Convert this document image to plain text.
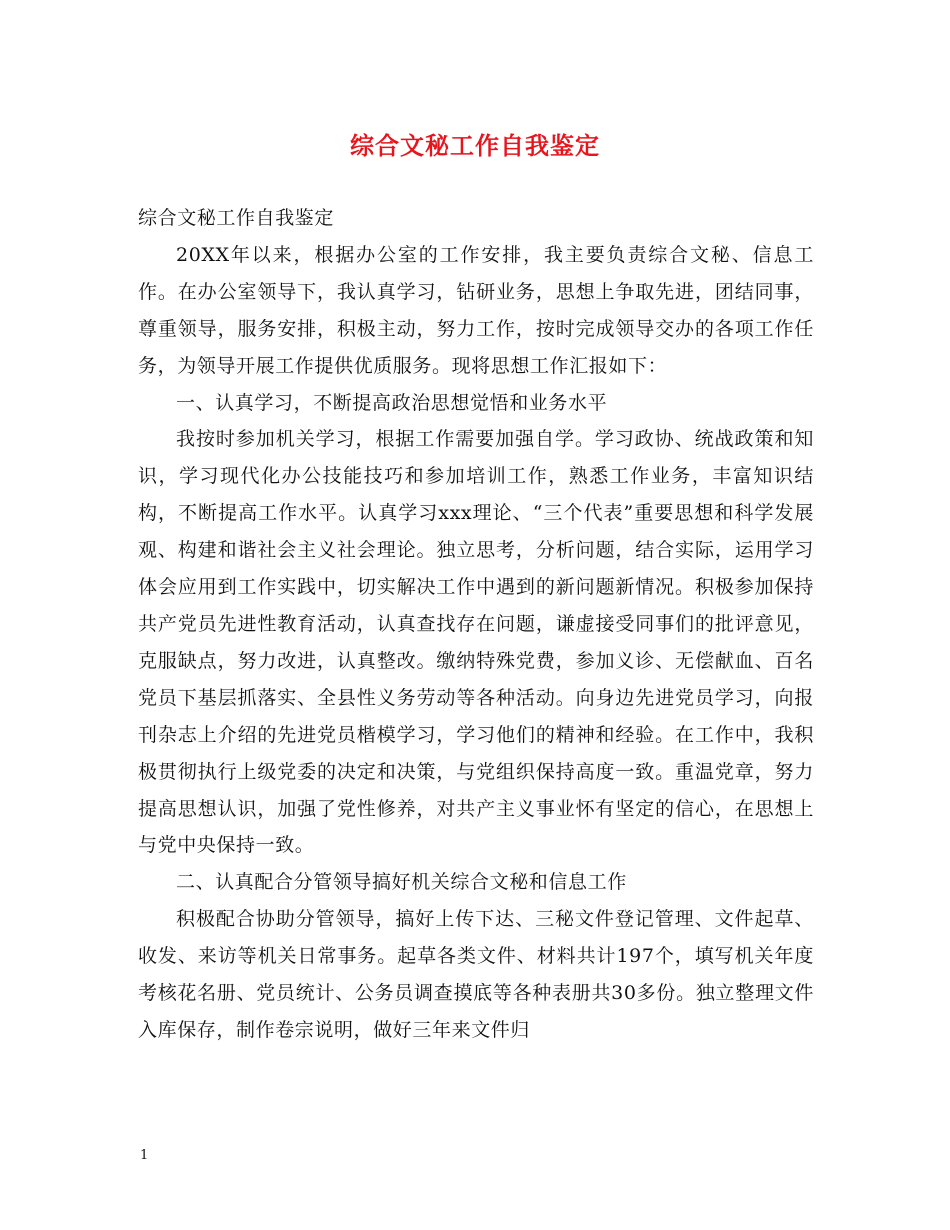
综合文秘工作自我鉴定

综合文秘工作自我鉴定

20XX年以来，根据办公室的工作安排，我主要负责综合文秘、信息工作。在办公室领导下，我认真学习，钻研业务，思想上争取先进，团结同事，尊重领导，服务安排，积极主动，努力工作，按时完成领导交办的各项工作任务，为领导开展工作提供优质服务。现将思想工作汇报如下：

一、认真学习，不断提高政治思想觉悟和业务水平

我按时参加机关学习，根据工作需要加强自学。学习政协、统战政策和知识，学习现代化办公技能技巧和参加培训工作，熟悉工作业务，丰富知识结构，不断提高工作水平。认真学习xxx理论、“三个代表”重要思想和科学发展观、构建和谐社会主义社会理论。独立思考，分析问题，结合实际，运用学习体会应用到工作实践中，切实解决工作中遇到的新问题新情况。积极参加保持共产党员先进性教育活动，认真查找存在问题，谦虚接受同事们的批评意见，克服缺点，努力改进，认真整改。缴纳特殊党费，参加义诊、无偿献血、百名党员下基层抓落实、全县性义务劳动等各种活动。向身边先进党员学习，向报刊杂志上介绍的先进党员楷模学习，学习他们的精神和经验。在工作中，我积极贯彻执行上级党委的决定和决策，与党组织保持高度一致。重温党章，努力提高思想认识，加强了党性修养，对共产主义事业怀有坚定的信心，在思想上与党中央保持一致。

二、认真配合分管领导搞好机关综合文秘和信息工作

积极配合协助分管领导，搞好上传下达、三秘文件登记管理、文件起草、收发、来访等机关日常事务。起草各类文件、材料共计197个，填写机关年度考核花名册、党员统计、公务员调查摸底等各种表册共30多份。独立整理文件入库保存，制作卷宗说明，做好三年来文件归

1
